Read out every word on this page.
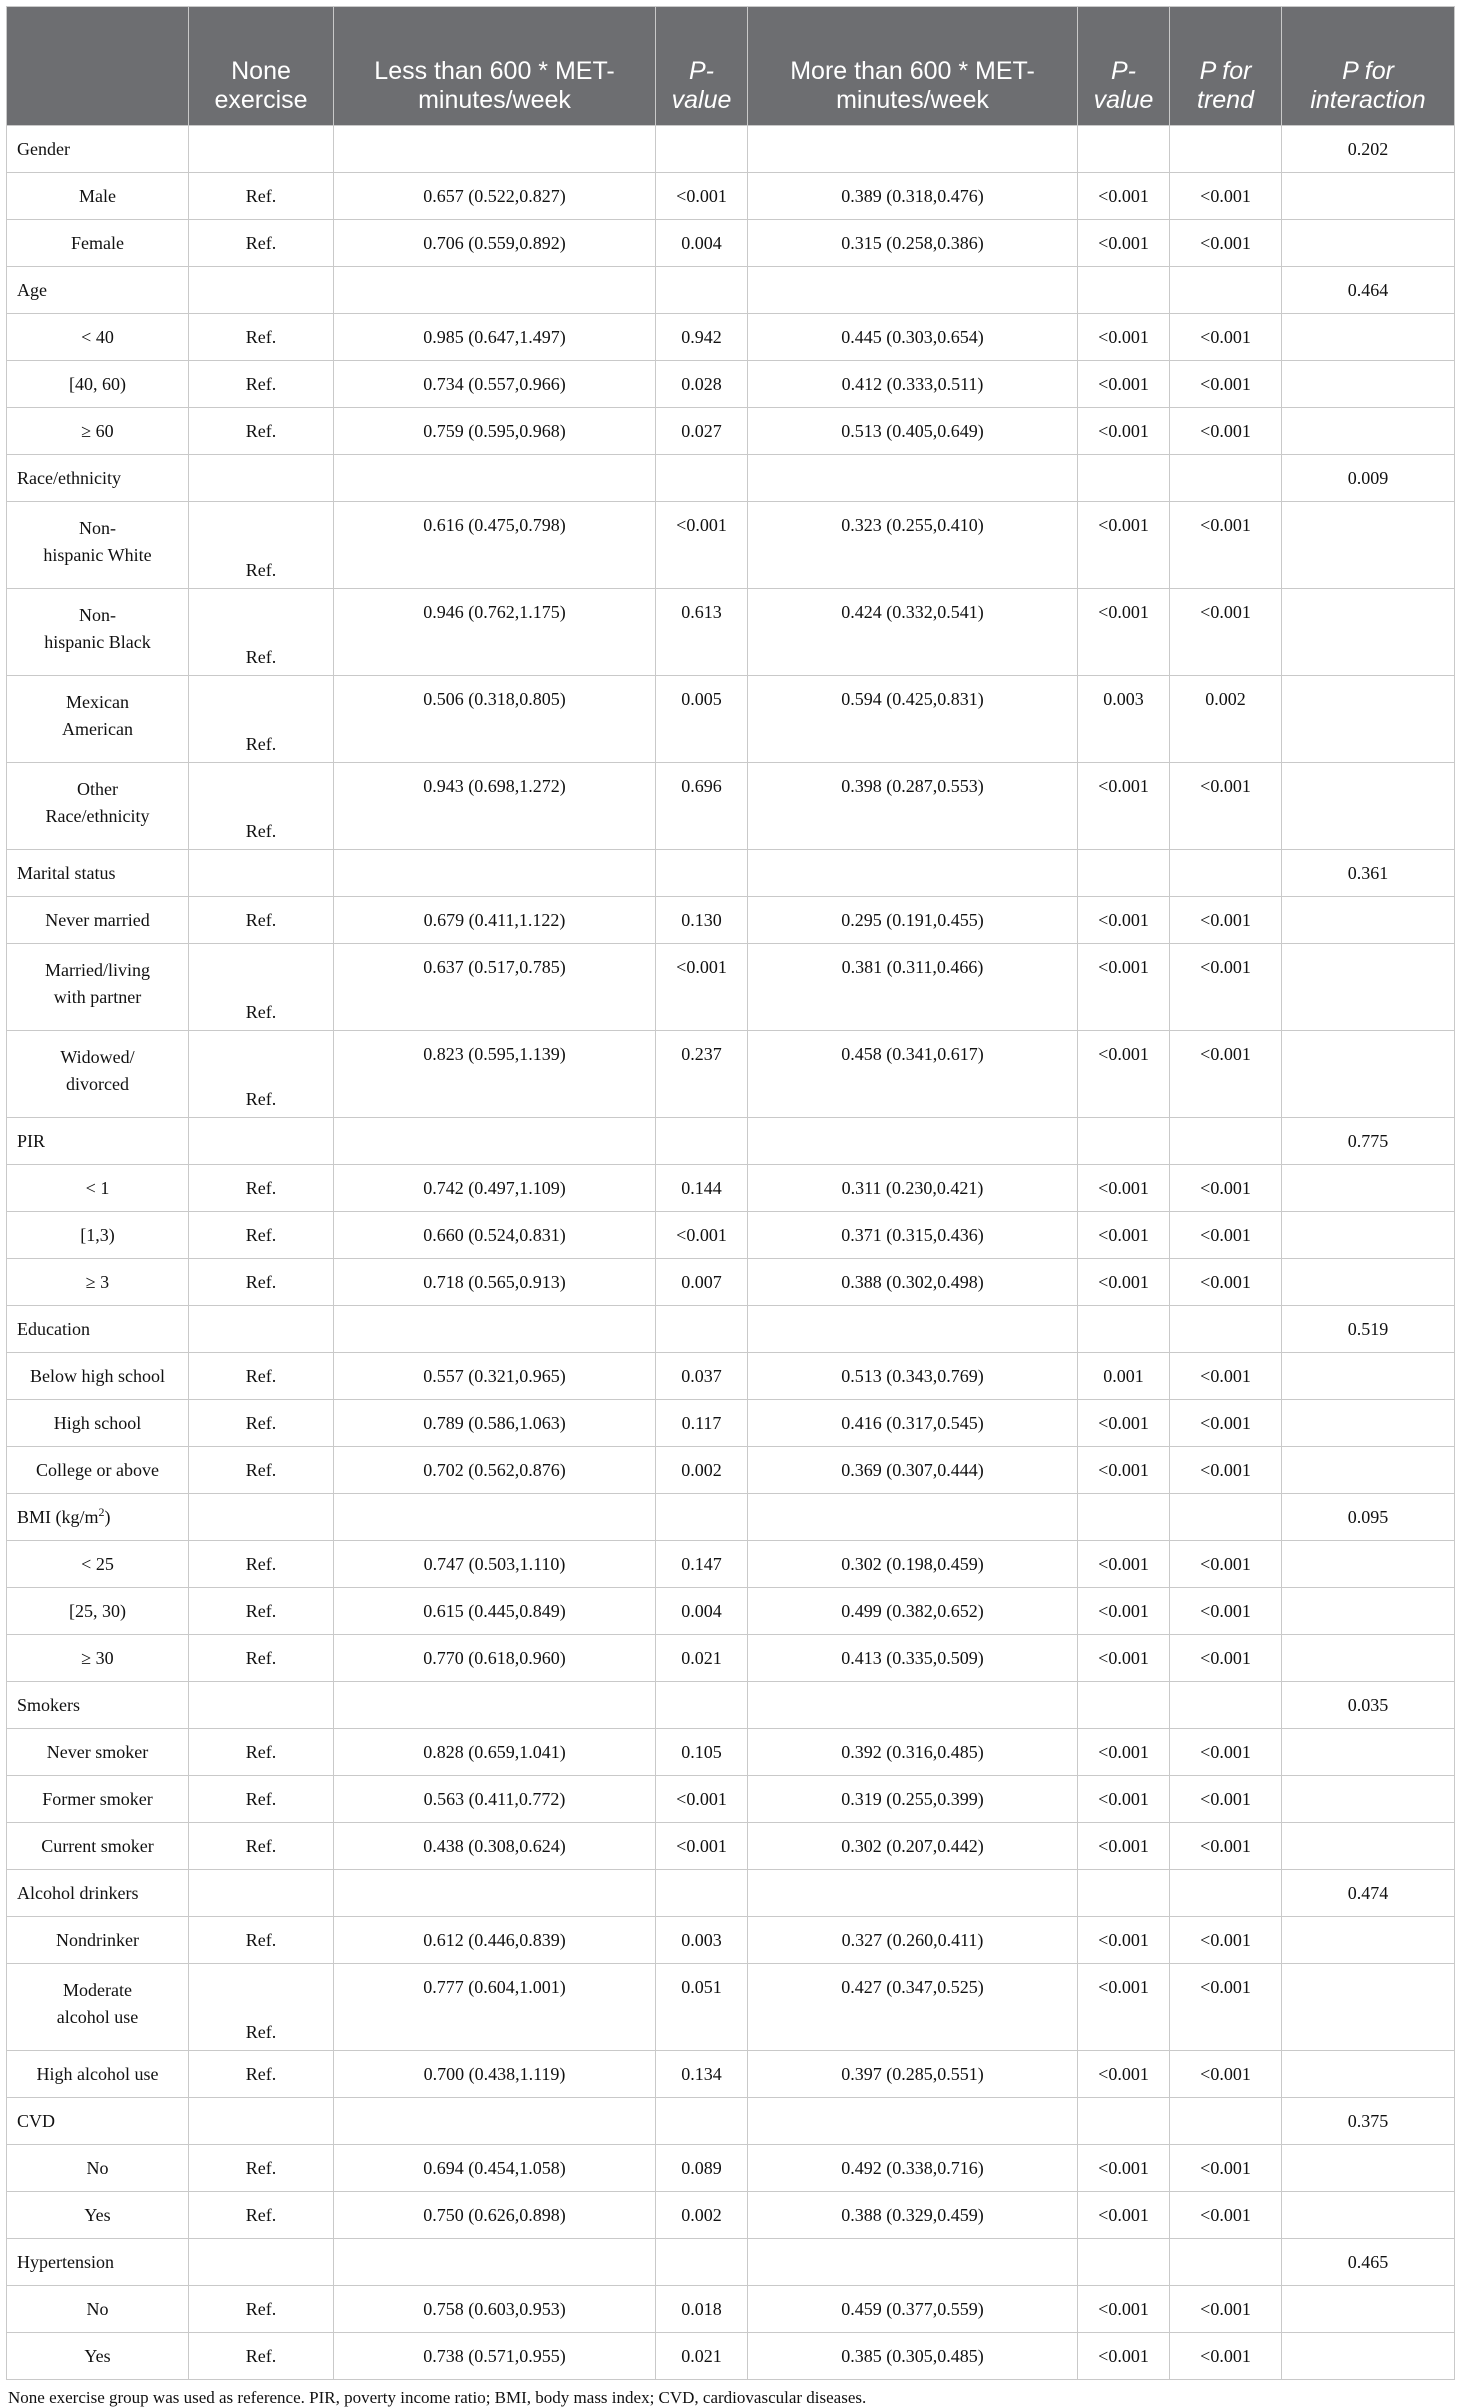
	None exercise	Less than 600 * MET-minutes/week	P-value	More than 600 * MET-minutes/week	P-value	P for trend	P for interaction
Gender							0.202
Male	Ref.	0.657 (0.522,0.827)	<0.001	0.389 (0.318,0.476)	<0.001	<0.001	
Female	Ref.	0.706 (0.559,0.892)	0.004	0.315 (0.258,0.386)	<0.001	<0.001	
Age							0.464
< 40	Ref.	0.985 (0.647,1.497)	0.942	0.445 (0.303,0.654)	<0.001	<0.001	
[40, 60)	Ref.	0.734 (0.557,0.966)	0.028	0.412 (0.333,0.511)	<0.001	<0.001	
≥ 60	Ref.	0.759 (0.595,0.968)	0.027	0.513 (0.405,0.649)	<0.001	<0.001	
Race/ethnicity							0.009

Non-
hispanic White	Ref.	0.616 (0.475,0.798)	<0.001	0.323 (0.255,0.410)	<0.001	<0.001	

Non-
hispanic Black	Ref.	0.946 (0.762,1.175)	0.613	0.424 (0.332,0.541)	<0.001	<0.001	

Mexican
American	Ref.	0.506 (0.318,0.805)	0.005	0.594 (0.425,0.831)	0.003	0.002	

Other
Race/ethnicity	Ref.	0.943 (0.698,1.272)	0.696	0.398 (0.287,0.553)	<0.001	<0.001	
Marital status							0.361
Never married	Ref.	0.679 (0.411,1.122)	0.130	0.295 (0.191,0.455)	<0.001	<0.001	

Married/living
with partner	Ref.	0.637 (0.517,0.785)	<0.001	0.381 (0.311,0.466)	<0.001	<0.001	

Widowed/
divorced	Ref.	0.823 (0.595,1.139)	0.237	0.458 (0.341,0.617)	<0.001	<0.001	
PIR							0.775
< 1	Ref.	0.742 (0.497,1.109)	0.144	0.311 (0.230,0.421)	<0.001	<0.001	
[1,3)	Ref.	0.660 (0.524,0.831)	<0.001	0.371 (0.315,0.436)	<0.001	<0.001	
≥ 3	Ref.	0.718 (0.565,0.913)	0.007	0.388 (0.302,0.498)	<0.001	<0.001	
Education							0.519
Below high school	Ref.	0.557 (0.321,0.965)	0.037	0.513 (0.343,0.769)	0.001	<0.001	
High school	Ref.	0.789 (0.586,1.063)	0.117	0.416 (0.317,0.545)	<0.001	<0.001	
College or above	Ref.	0.702 (0.562,0.876)	0.002	0.369 (0.307,0.444)	<0.001	<0.001	
BMI $(kg/m^2)$							0.095
< 25	Ref.	0.747 (0.503,1.110)	0.147	0.302 (0.198,0.459)	<0.001	<0.001	
[25, 30)	Ref.	0.615 (0.445,0.849)	0.004	0.499 (0.382,0.652)	<0.001	<0.001	
≥ 30	Ref.	0.770 (0.618,0.960)	0.021	0.413 (0.335,0.509)	<0.001	<0.001	
Smokers							0.035
Never smoker	Ref.	0.828 (0.659,1.041)	0.105	0.392 (0.316,0.485)	<0.001	<0.001	
Former smoker	Ref.	0.563 (0.411,0.772)	<0.001	0.319 (0.255,0.399)	<0.001	<0.001	
Current smoker	Ref.	0.438 (0.308,0.624)	<0.001	0.302 (0.207,0.442)	<0.001	<0.001	
Alcohol drinkers							0.474
Nondrinker	Ref.	0.612 (0.446,0.839)	0.003	0.327 (0.260,0.411)	<0.001	<0.001	

Moderate
alcohol use	Ref.	0.777 (0.604,1.001)	0.051	0.427 (0.347,0.525)	<0.001	<0.001	
High alcohol use	Ref.	0.700 (0.438,1.119)	0.134	0.397 (0.285,0.551)	<0.001	<0.001	
CVD							0.375
No	Ref.	0.694 (0.454,1.058)	0.089	0.492 (0.338,0.716)	<0.001	<0.001	
Yes	Ref.	0.750 (0.626,0.898)	0.002	0.388 (0.329,0.459)	<0.001	<0.001	
Hypertension							0.465
No	Ref.	0.758 (0.603,0.953)	0.018	0.459 (0.377,0.559)	<0.001	<0.001	
Yes	Ref.	0.738 (0.571,0.955)	0.021	0.385 (0.305,0.485)	<0.001	<0.001	
None exercise group was used as reference. PIR, poverty income ratio; BMI, body mass index; CVD, cardiovascular diseases.
